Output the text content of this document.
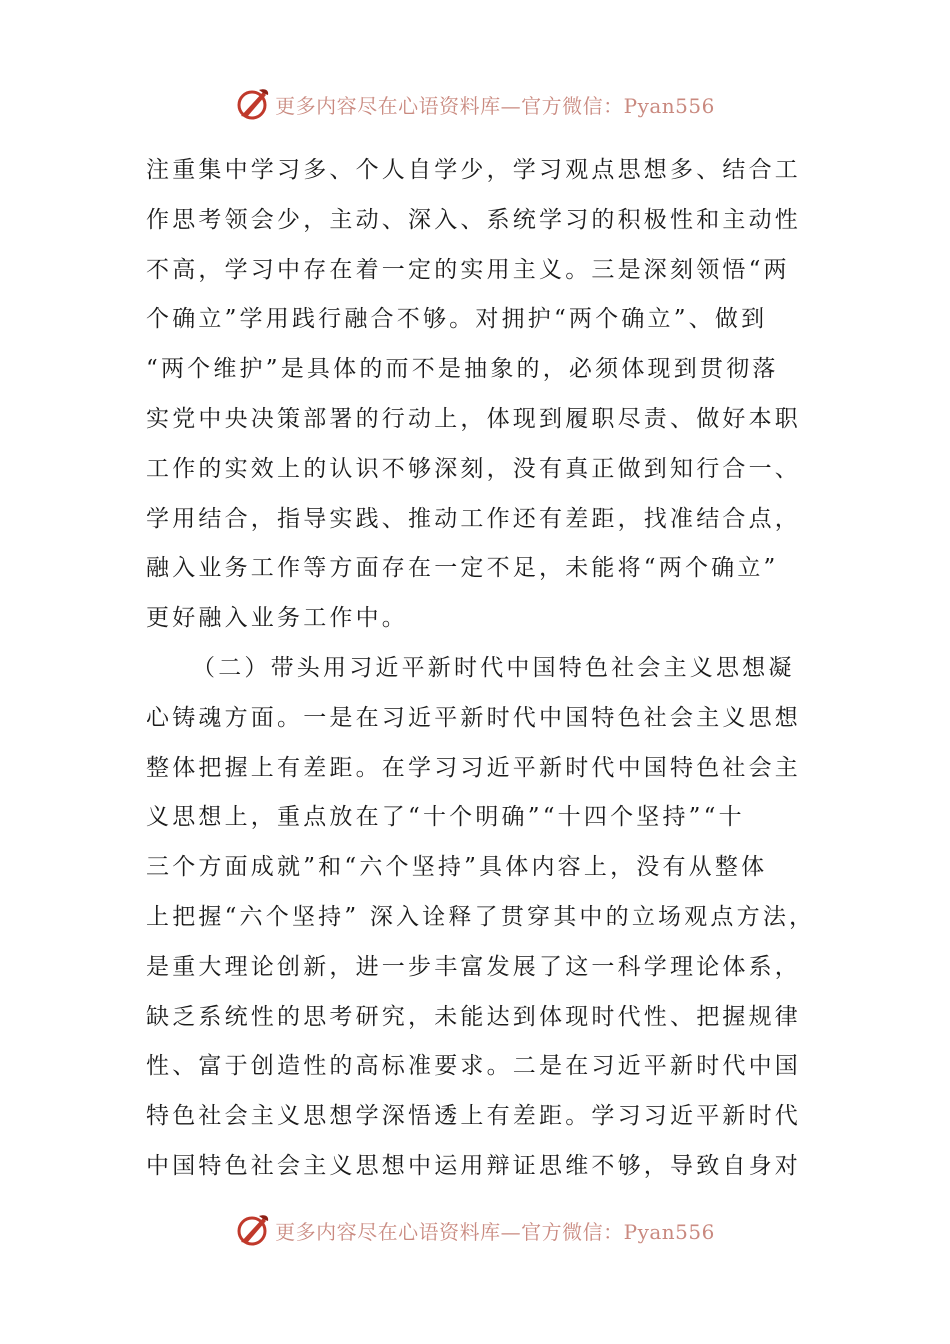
更多内容尽在心语资料库—官方微信：Pyan556
注重集中学习多、个人自学少，学习观点思想多、结合工
作思考领会少，主动、深入、系统学习的积极性和主动性
不高，学习中存在着一定的实用主义。三是深刻领悟“两
个确立”学用践行融合不够。对拥护“两个确立”、做到
“两个维护”是具体的而不是抽象的，必须体现到贯彻落
实党中央决策部署的行动上，体现到履职尽责、做好本职
工作的实效上的认识不够深刻，没有真正做到知行合一、
学用结合，指导实践、推动工作还有差距，找准结合点，
融入业务工作等方面存在一定不足，未能将“两个确立”
更好融入业务工作中。
（二）带头用习近平新时代中国特色社会主义思想凝
心铸魂方面。一是在习近平新时代中国特色社会主义思想
整体把握上有差距。在学习习近平新时代中国特色社会主
义思想上，重点放在了“十个明确”“十四个坚持”“十
三个方面成就”和“六个坚持”具体内容上，没有从整体
上把握“六个坚持” 深入诠释了贯穿其中的立场观点方法，
是重大理论创新，进一步丰富发展了这一科学理论体系，
缺乏系统性的思考研究，未能达到体现时代性、把握规律
性、富于创造性的高标准要求。二是在习近平新时代中国
特色社会主义思想学深悟透上有差距。学习习近平新时代
中国特色社会主义思想中运用辩证思维不够，导致自身对
更多内容尽在心语资料库—官方微信：Pyan556
